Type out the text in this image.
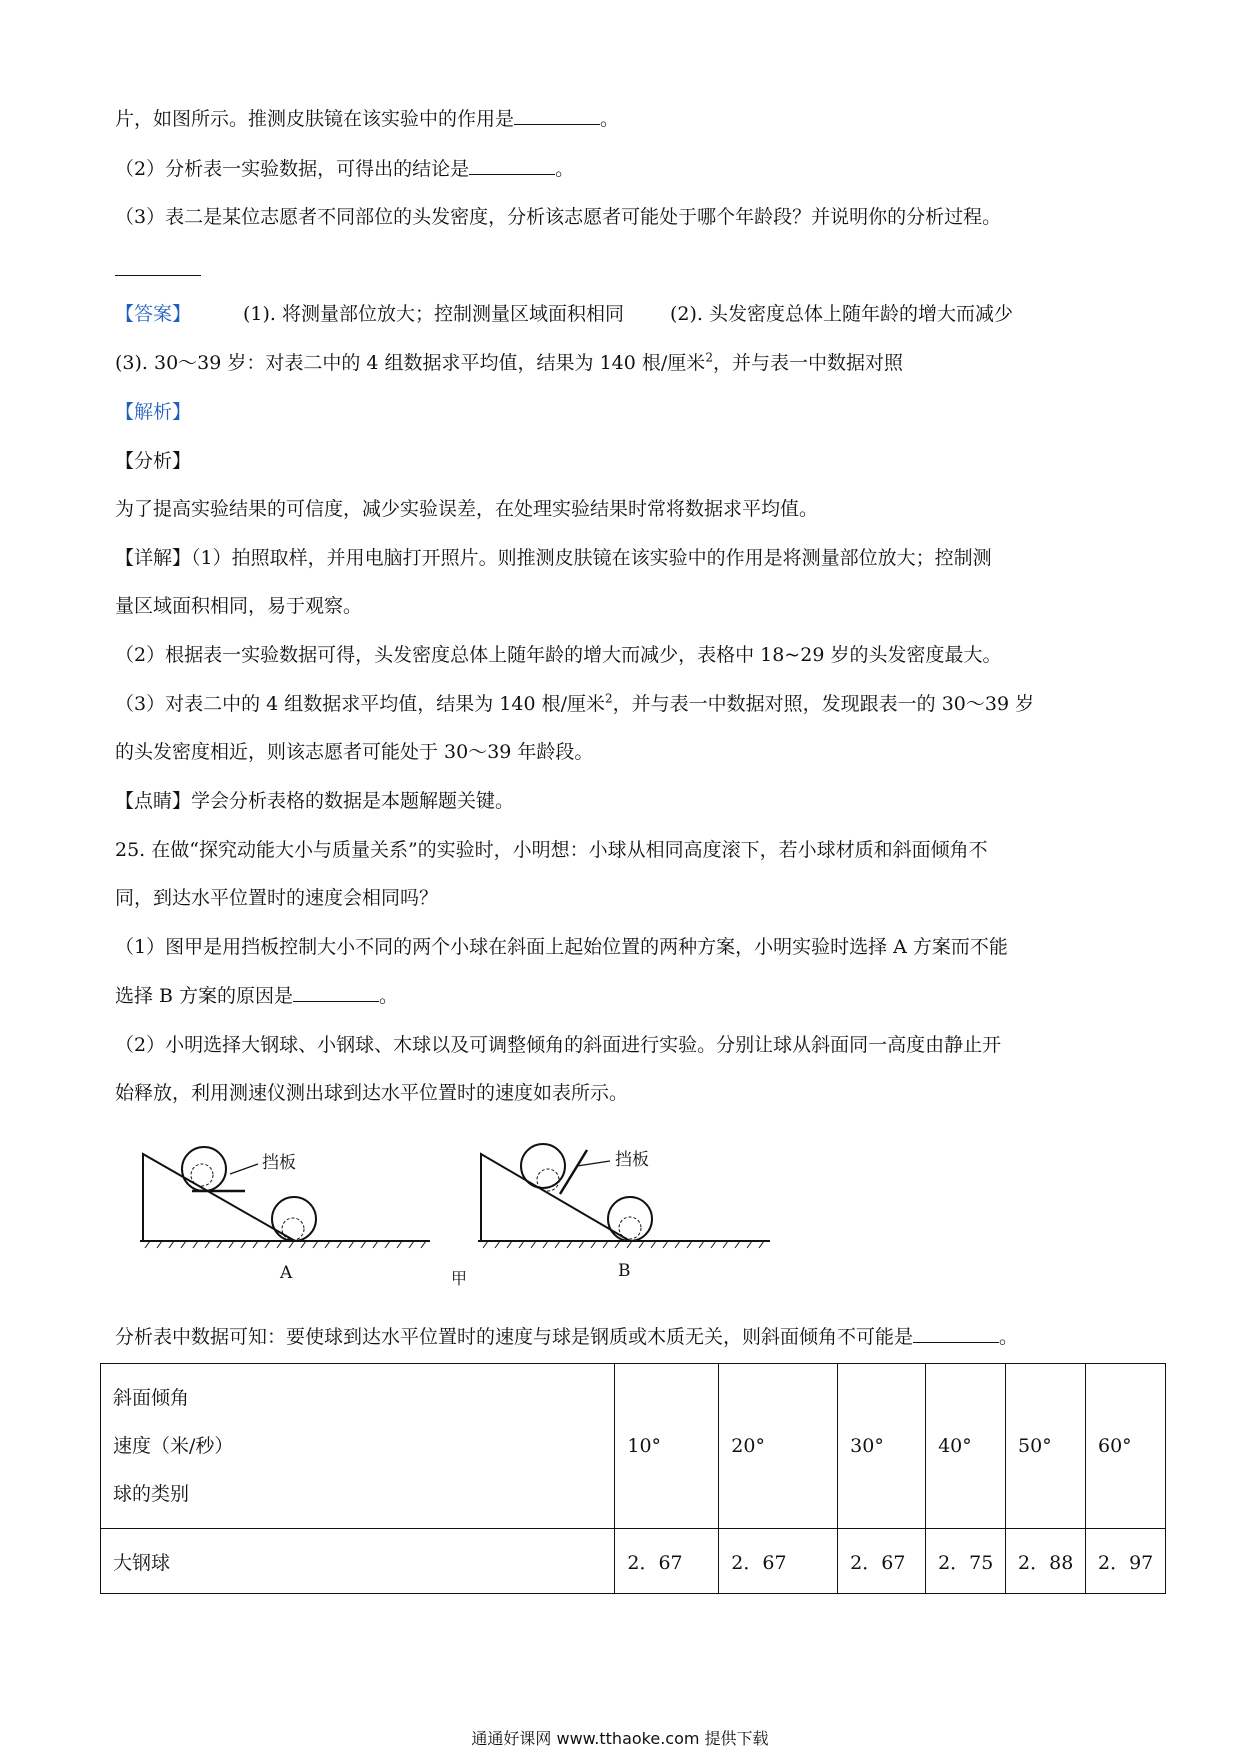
片，如图所示。推测皮肤镜在该实验中的作用是	。
（2）分析表一实验数据，可得出的结论是	。
（3）表二是某位志愿者不同部位的头发密度，分析该志愿者可能处于哪个年龄段？并说明你的分析过程。
【答案】	(1). 将测量部位放大；控制测量区域面积相同 (2). 头发密度总体上随年龄的增大而减少
(3). 30～39 岁：对表二中的 4 组数据求平均值，结果为 140 根/厘米$^2$，并与表一中数据对照
【解析】
【分析】
为了提高实验结果的可信度，减少实验误差，在处理实验结果时常将数据求平均值。
【详解】（1）拍照取样，并用电脑打开照片。则推测皮肤镜在该实验中的作用是将测量部位放大；控制测
量区域面积相同，易于观察。
（2）根据表一实验数据可得，头发密度总体上随年龄的增大而减少，表格中 18~29 岁的头发密度最大。
（3）对表二中的 4 组数据求平均值，结果为 140 根/厘米$^2$，并与表一中数据对照，发现跟表一的 30～39 岁
的头发密度相近，则该志愿者可能处于 30～39 年龄段。
【点睛】学会分析表格的数据是本题解题关键。
25. 在做“探究动能大小与质量关系”的实验时，小明想：小球从相同高度滚下，若小球材质和斜面倾角不
同，到达水平位置时的速度会相同吗？
（1）图甲是用挡板控制大小不同的两个小球在斜面上起始位置的两种方案，小明实验时选择 A 方案而不能
选择 B 方案的原因是	。
（2）小明选择大钢球、小钢球、木球以及可调整倾角的斜面进行实验。分别让球从斜面同一高度由静止开
始释放，利用测速仪测出球到达水平位置时的速度如表所示。
挡板
A	甲
挡板
B
分析表中数据可知：要使球到达水平位置时的速度与球是钢质或木质无关，则斜面倾角不可能是	。
斜面倾角
速度（米/秒）
球的类别	10°	20°	30°	40°	50°	60°
大钢球	2．67	2．67	2．67	2．75	2．88	2．97
通通好课网 www.tthaoke.com 提供下载
